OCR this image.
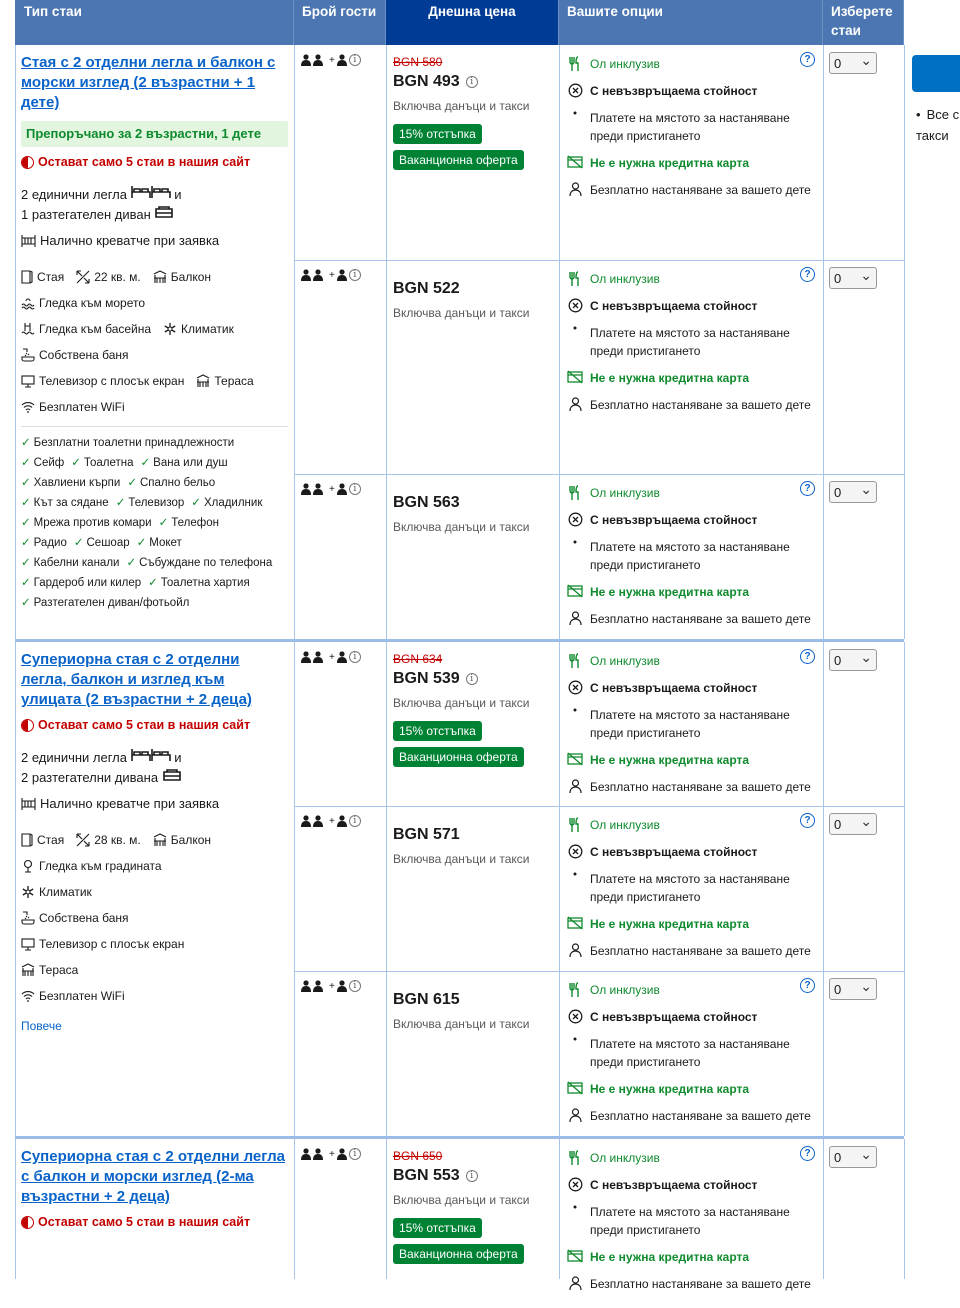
Тип стаи	Брой гости	Днешна цена	Вашите опции	Изберете стаи
• Все с такси
Стая с 2 отделни легла и балкон с морски изглед (2 възрастни + 1 дете)
Препоръчано за 2 възрастни, 1 дете
Остават само 5 стаи в нашия сайт
2 единични легла	и
1 разтегателен диван
Налично креватче при заявка
Стая	22 кв. м.	Балкон
Гледка към морето
Гледка към басейна	Климатик
Собствена баня
Телевизор с плосък екран	Тераса
Безплатен WiFi
✓ Безплатни тоалетни принадлежности
✓ Сейф ✓ Тоалетна ✓ Вана или душ
✓ Хавлиени кърпи ✓ Спално бельо
✓ Кът за сядане ✓ Телевизор ✓ Хладилник
✓ Мрежа против комари ✓ Телефон
✓ Радио ✓ Сешоар ✓ Мокет
✓ Кабелни канали ✓ Събуждане по телефона
✓ Гардероб или килер ✓ Тоалетна хартия
✓ Разтегателен диван/фотьойл
+	i	BGN 580
BGN 493	i
Включва данъци и такси
15% отстъпка
Ваканционна оферта
Ол инклузив
С невъзвръщаема стойност
Платете на мястото за настаняване преди пристигането
Не е нужна кредитна карта
Безплатно настаняване за вашето дете
?	0 ⌄
+	i
BGN 522
Включва данъци и такси
Ол инклузив
С невъзвръщаема стойност
Платете на мястото за настаняване преди пристигането
Не е нужна кредитна карта
Безплатно настаняване за вашето дете
?	0 ⌄
+	i
BGN 563
Включва данъци и такси
Ол инклузив
С невъзвръщаема стойност
Платете на мястото за настаняване преди пристигането
Не е нужна кредитна карта
Безплатно настаняване за вашето дете
?	0 ⌄
Супериорна стая с 2 отделни легла, балкон и изглед към улицата (2 възрастни + 2 деца)
Остават само 5 стаи в нашия сайт
2 единични легла	и
2 разтегателни дивана
Налично креватче при заявка
Стая	28 кв. м.	Балкон
Гледка към градината
Климатик
Собствена баня
Телевизор с плосък екран
Тераса
Безплатен WiFi
Повече
+	i	BGN 634
BGN 539	i
Включва данъци и такси
15% отстъпка
Ваканционна оферта
Ол инклузив
С невъзвръщаема стойност
Платете на мястото за настаняване преди пристигането
Не е нужна кредитна карта
Безплатно настаняване за вашето дете
?	0 ⌄
+	i
BGN 571
Включва данъци и такси
Ол инклузив
С невъзвръщаема стойност
Платете на мястото за настаняване преди пристигането
Не е нужна кредитна карта
Безплатно настаняване за вашето дете
?	0 ⌄
+	i
BGN 615
Включва данъци и такси
Ол инклузив
С невъзвръщаема стойност
Платете на мястото за настаняване преди пристигането
Не е нужна кредитна карта
Безплатно настаняване за вашето дете
?	0 ⌄
Супериорна стая с 2 отделни легла с балкон и морски изглед (2-ма възрастни + 2 деца)
Остават само 5 стаи в нашия сайт
+	i	BGN 650
BGN 553	i
Включва данъци и такси
15% отстъпка
Ваканционна оферта
Ол инклузив
С невъзвръщаема стойност
Платете на мястото за настаняване преди пристигането
Не е нужна кредитна карта
Безплатно настаняване за вашето дете
?	0 ⌄
